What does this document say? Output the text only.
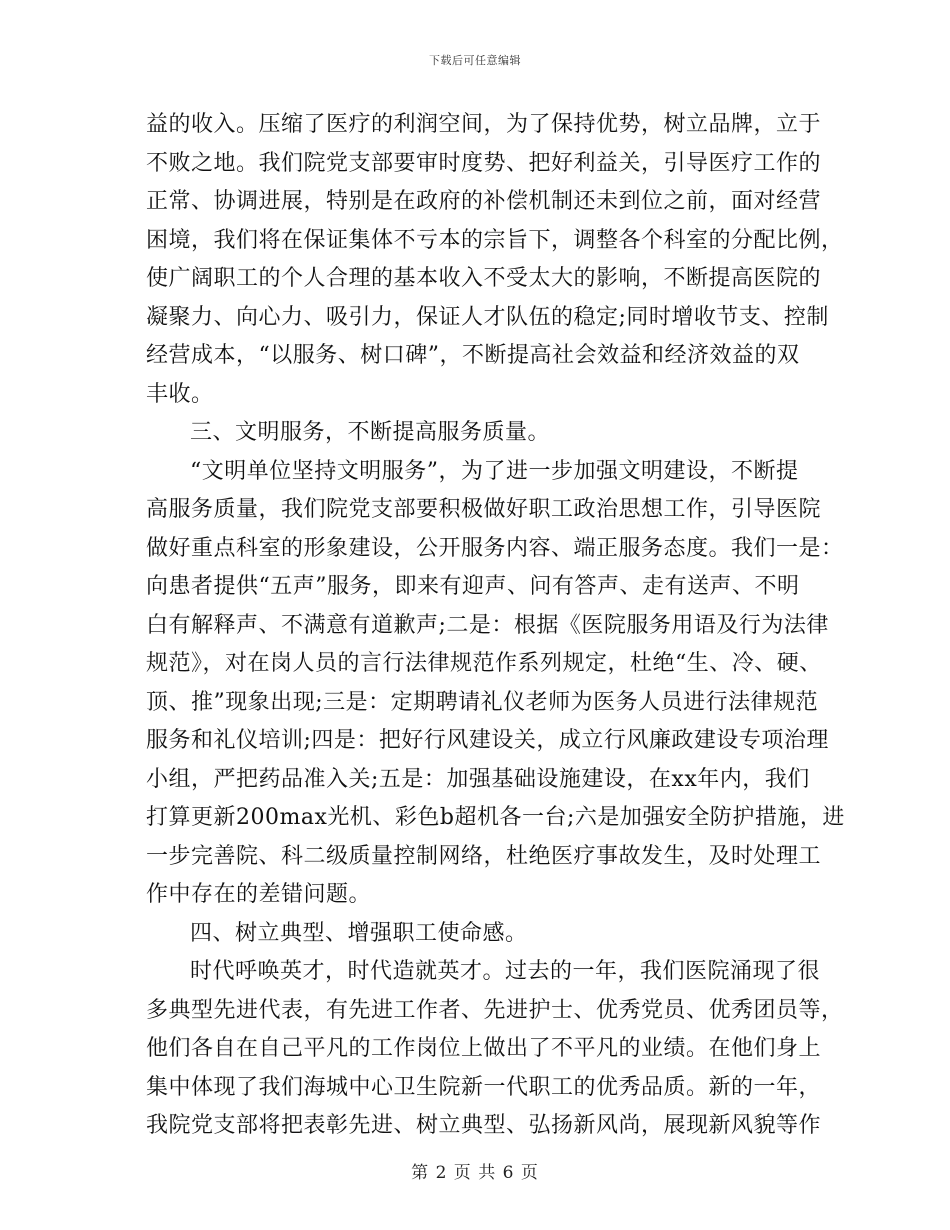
下载后可任意编辑
益的收入。压缩了医疗的利润空间，为了保持优势，树立品牌，立于
不败之地。我们院党支部要审时度势、把好利益关，引导医疗工作的
正常、协调进展，特别是在政府的补偿机制还未到位之前，面对经营
困境，我们将在保证集体不亏本的宗旨下，调整各个科室的分配比例，
使广阔职工的个人合理的基本收入不受太大的影响，不断提高医院的
凝聚力、向心力、吸引力，保证人才队伍的稳定;同时增收节支、控制
经营成本，“以服务、树口碑”，不断提高社会效益和经济效益的双
丰收。
三、文明服务，不断提高服务质量。
“文明单位坚持文明服务”，为了进一步加强文明建设，不断提
高服务质量，我们院党支部要积极做好职工政治思想工作，引导医院
做好重点科室的形象建设，公开服务内容、端正服务态度。我们一是：
向患者提供“五声”服务，即来有迎声、问有答声、走有送声、不明
白有解释声、不满意有道歉声;二是：根据《医院服务用语及行为法律
规范》，对在岗人员的言行法律规范作系列规定，杜绝“生、冷、硬、
顶、推”现象出现;三是：定期聘请礼仪老师为医务人员进行法律规范
服务和礼仪培训;四是：把好行风建设关，成立行风廉政建设专项治理
小组，严把药品准入关;五是：加强基础设施建设，在xx年内，我们
打算更新200max光机、彩色b超机各一台;六是加强安全防护措施，进
一步完善院、科二级质量控制网络，杜绝医疗事故发生，及时处理工
作中存在的差错问题。
四、树立典型、增强职工使命感。
时代呼唤英才，时代造就英才。过去的一年，我们医院涌现了很
多典型先进代表，有先进工作者、先进护士、优秀党员、优秀团员等，
他们各自在自己平凡的工作岗位上做出了不平凡的业绩。在他们身上
集中体现了我们海城中心卫生院新一代职工的优秀品质。新的一年，
我院党支部将把表彰先进、树立典型、弘扬新风尚，展现新风貌等作
第 2 页 共 6 页
